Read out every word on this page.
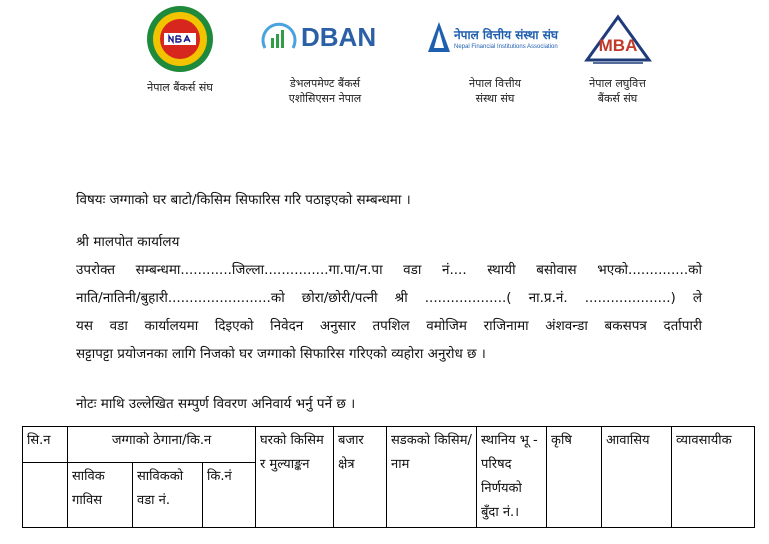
नेपाल बैंकर्स संघ
DBAN
डेभलपमेण्ट बैंकर्स
एशोसिएसन नेपाल
नेपाल वित्तीय संस्था संघ
Nepal Financial Institutions Association
नेपाल वित्तीय
संस्था संघ
MBA
नेपाल लघुवित्त
बैंकर्स संघ
विषयः जग्गाको घर बाटो/किसिम सिफारिस गरि पठाइएको सम्बन्धमा ।
श्री मालपोत कार्यालय
उपरोक्त सम्बन्धमा............जिल्ला...............गा.पा/न.पा वडा नं.... स्थायी बसोवास भएको..............को
नाति/नातिनी/बुहारी........................को छोरा/छोरी/पत्नी श्री ...................( ना.प्र.नं. ....................) ले
यस वडा कार्यालयमा दिइएको निवेदन अनुसार तपशिल वमोजिम राजिनामा अंशवन्डा बकसपत्र दर्तापारी
सट्टापट्टा प्रयोजनका लागि निजको घर जग्गाको सिफारिस गरिएको व्यहोरा अनुरोध छ ।
नोटः माथि उल्लेखित सम्पुर्ण विवरण अनिवार्य भर्नु पर्ने छ ।
सि.न	जग्गाको ठेगाना/कि.न			घरको किसिम र मुल्याङ्कन	बजार क्षेत्र	सडकको किसिम/नाम	स्थानिय भू - परिषद निर्णयको बुँदा नं.।	कृषि	आवासिय	व्यावसायीक
	साविक गाविस	साविकको वडा नं.	कि.नं							
